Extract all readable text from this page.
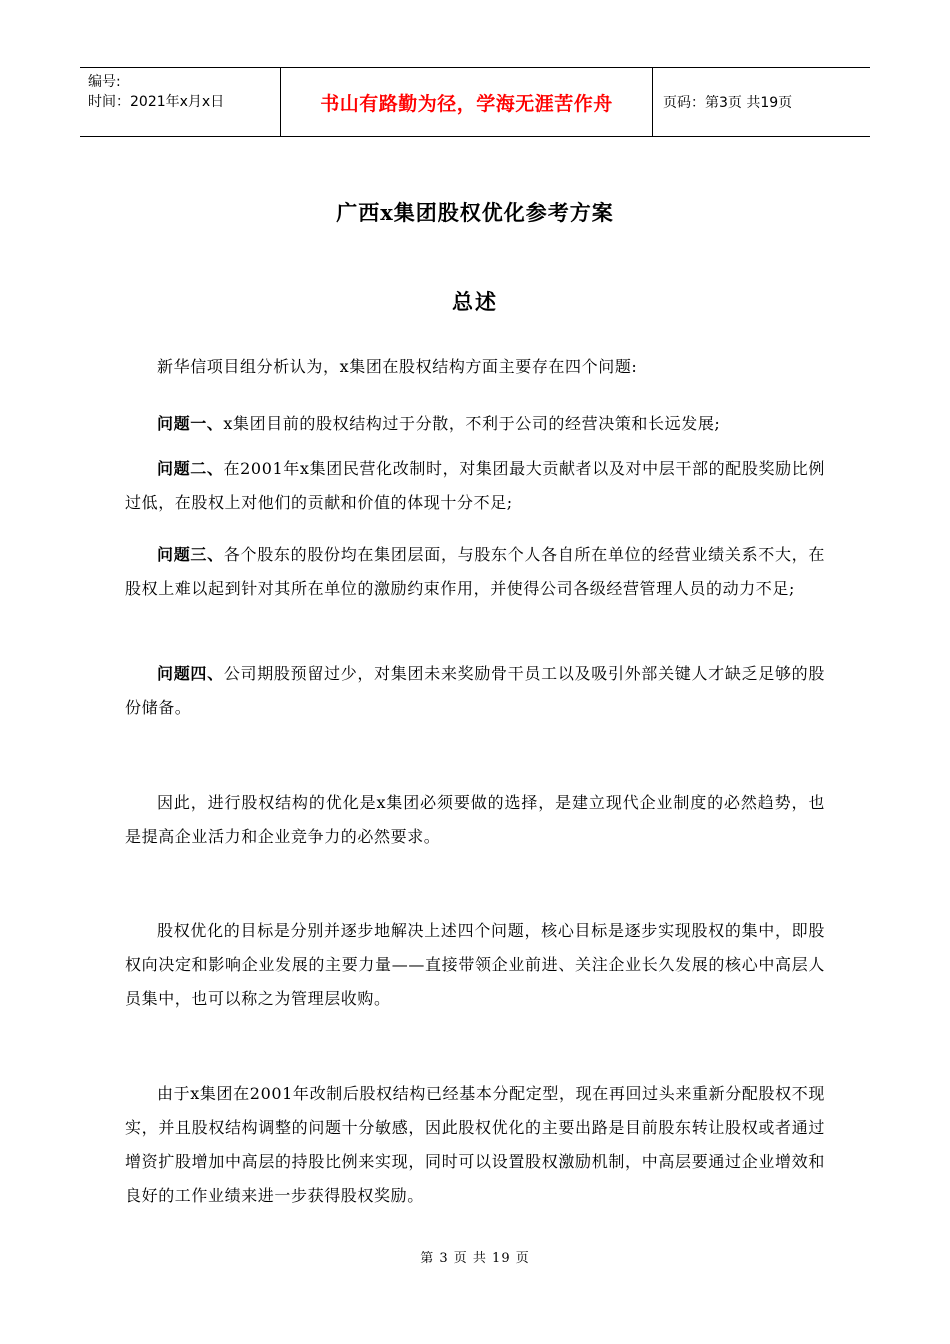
编号:
时间：2021年x月x日	书山有路勤为径，学海无涯苦作舟	页码：第3页 共19页
广西x集团股权优化参考方案
总述

新华信项目组分析认为，x集团在股权结构方面主要存在四个问题:

问题一、x集团目前的股权结构过于分散，不利于公司的经营决策和长远发展;

问题二、在2001年x集团民营化改制时，对集团最大贡献者以及对中层干部的配股奖励比例过低，在股权上对他们的贡献和价值的体现十分不足;

问题三、各个股东的股份均在集团层面，与股东个人各自所在单位的经营业绩关系不大，在股权上难以起到针对其所在单位的激励约束作用，并使得公司各级经营管理人员的动力不足;

问题四、公司期股预留过少，对集团未来奖励骨干员工以及吸引外部关键人才缺乏足够的股份储备。

因此，进行股权结构的优化是x集团必须要做的选择，是建立现代企业制度的必然趋势，也是提高企业活力和企业竞争力的必然要求。

股权优化的目标是分别并逐步地解决上述四个问题，核心目标是逐步实现股权的集中，即股权向决定和影响企业发展的主要力量——直接带领企业前进、关注企业长久发展的核心中高层人员集中，也可以称之为管理层收购。

由于x集团在2001年改制后股权结构已经基本分配定型，现在再回过头来重新分配股权不现实，并且股权结构调整的问题十分敏感，因此股权优化的主要出路是目前股东转让股权或者通过增资扩股增加中高层的持股比例来实现，同时可以设置股权激励机制，中高层要通过企业增效和良好的工作业绩来进一步获得股权奖励。

第 3 页 共 19 页
